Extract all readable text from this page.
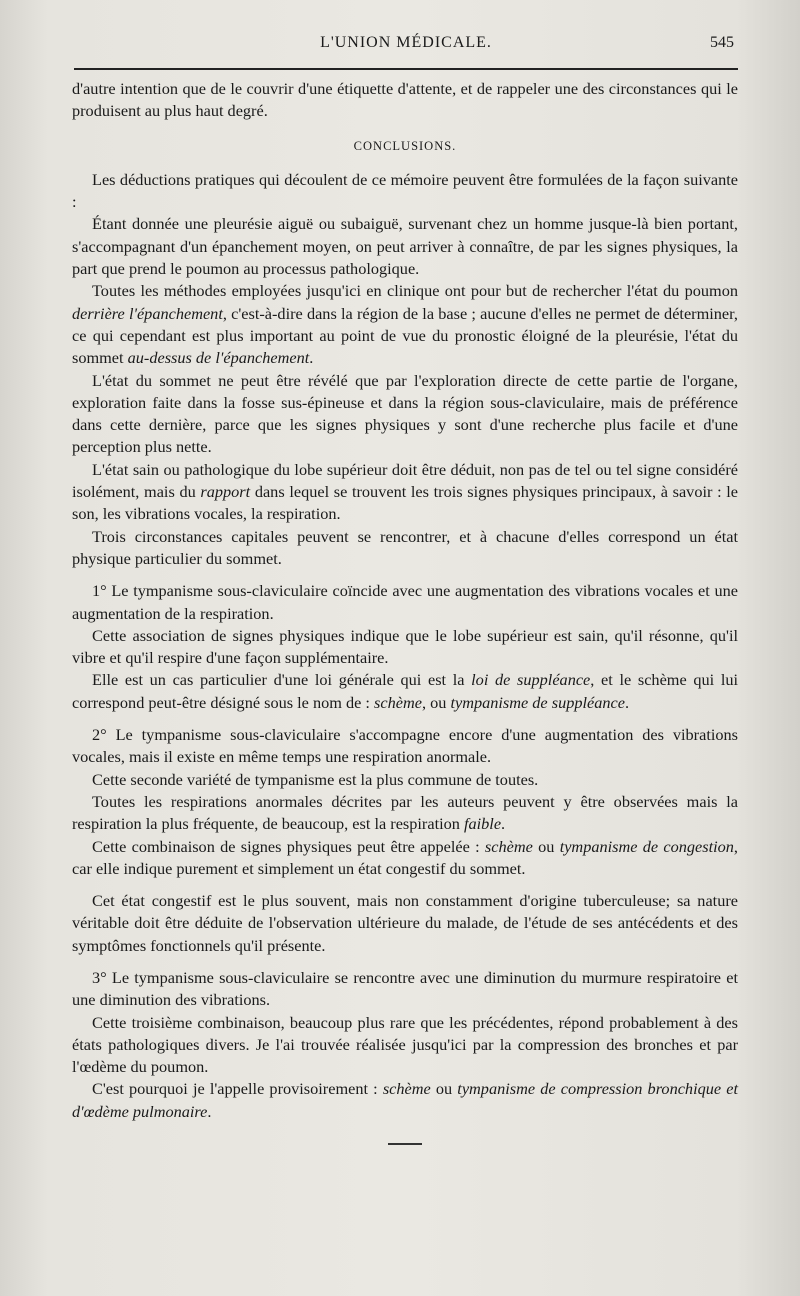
L'UNION MÉDICALE.	545

d'autre intention que de le couvrir d'une étiquette d'attente, et de rappeler une des circonstances qui le produisent au plus haut degré.

CONCLUSIONS.

Les déductions pratiques qui découlent de ce mémoire peuvent être formulées de la façon suivante :

Étant donnée une pleurésie aiguë ou subaiguë, survenant chez un homme jusque-là bien portant, s'accompagnant d'un épanchement moyen, on peut arriver à connaître, de par les signes physiques, la part que prend le poumon au processus pathologique.

Toutes les méthodes employées jusqu'ici en clinique ont pour but de rechercher l'état du poumon derrière l'épanchement, c'est-à-dire dans la région de la base ; aucune d'elles ne permet de déterminer, ce qui cependant est plus important au point de vue du pronostic éloigné de la pleurésie, l'état du sommet au-dessus de l'épanchement.

L'état du sommet ne peut être révélé que par l'exploration directe de cette partie de l'organe, exploration faite dans la fosse sus-épineuse et dans la région sous-claviculaire, mais de préférence dans cette dernière, parce que les signes physiques y sont d'une recherche plus facile et d'une perception plus nette.

L'état sain ou pathologique du lobe supérieur doit être déduit, non pas de tel ou tel signe considéré isolément, mais du rapport dans lequel se trouvent les trois signes physiques principaux, à savoir : le son, les vibrations vocales, la respiration.

Trois circonstances capitales peuvent se rencontrer, et à chacune d'elles correspond un état physique particulier du sommet.

1° Le tympanisme sous-claviculaire coïncide avec une augmentation des vibrations vocales et une augmentation de la respiration.

Cette association de signes physiques indique que le lobe supérieur est sain, qu'il résonne, qu'il vibre et qu'il respire d'une façon supplémentaire.

Elle est un cas particulier d'une loi générale qui est la loi de suppléance, et le schème qui lui correspond peut-être désigné sous le nom de : schème, ou tympanisme de suppléance.

2° Le tympanisme sous-claviculaire s'accompagne encore d'une augmentation des vibrations vocales, mais il existe en même temps une respiration anormale.

Cette seconde variété de tympanisme est la plus commune de toutes.

Toutes les respirations anormales décrites par les auteurs peuvent y être observées mais la respiration la plus fréquente, de beaucoup, est la respiration faible.

Cette combinaison de signes physiques peut être appelée : schème ou tympanisme de congestion, car elle indique purement et simplement un état congestif du sommet.

Cet état congestif est le plus souvent, mais non constamment d'origine tuberculeuse; sa nature véritable doit être déduite de l'observation ultérieure du malade, de l'étude de ses antécédents et des symptômes fonctionnels qu'il présente.

3° Le tympanisme sous-claviculaire se rencontre avec une diminution du murmure respiratoire et une diminution des vibrations.

Cette troisième combinaison, beaucoup plus rare que les précédentes, répond probablement à des états pathologiques divers. Je l'ai trouvée réalisée jusqu'ici par la compression des bronches et par l'œdème du poumon.

C'est pourquoi je l'appelle provisoirement : schème ou tympanisme de compression bronchique et d'œdème pulmonaire.
